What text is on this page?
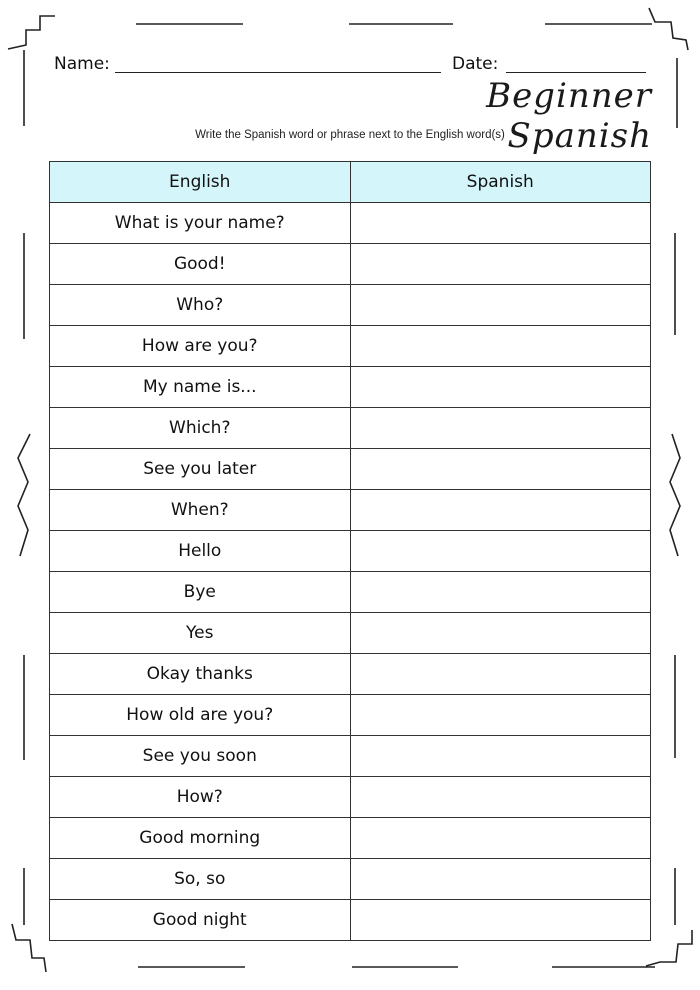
Name:	Date:
Beginner Spanish
Write the Spanish word or phrase next to the English word(s)
English	Spanish
What is your name?	
Good!	
Who?	
How are you?	
My name is...	
Which?	
See you later	
When?	
Hello	
Bye	
Yes	
Okay thanks	
How old are you?	
See you soon	
How?	
Good morning	
So, so	
Good night	
